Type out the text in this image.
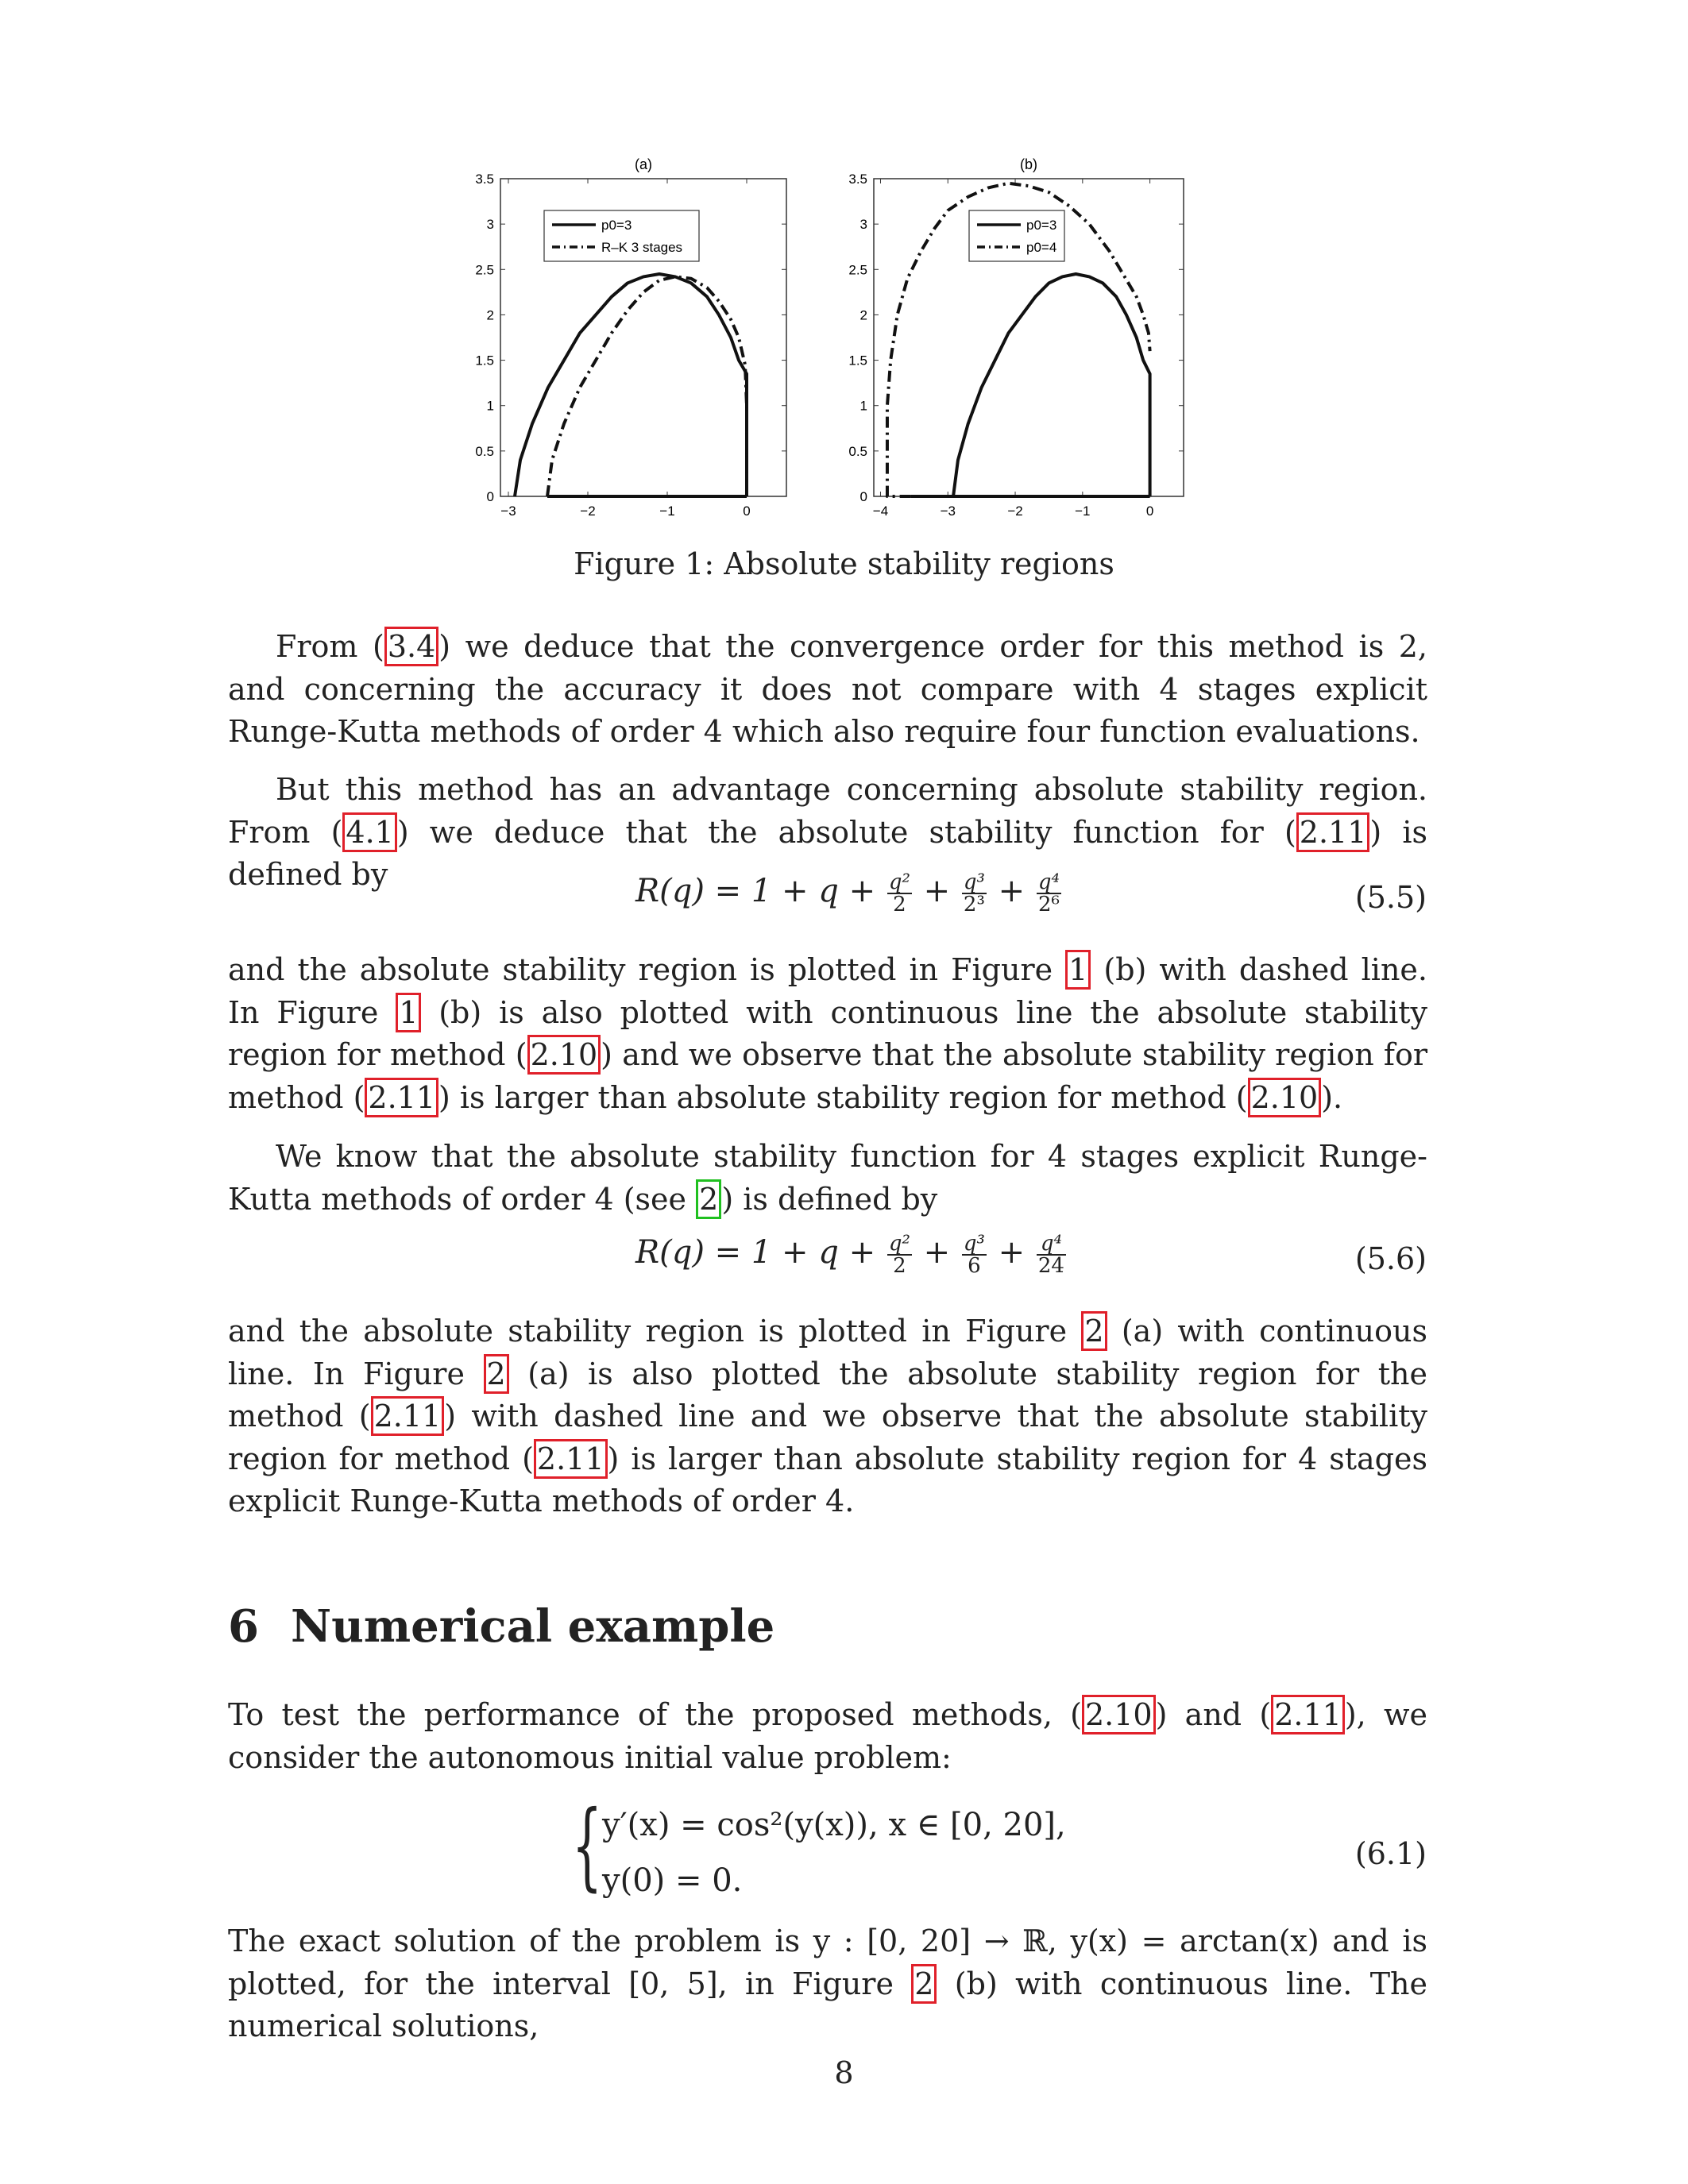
(a)
0
0.5
1
1.5
2
2.5
3
3.5
−3	−2	−1	0
p0=3
R–K 3 stages
(b)
0
0.5
1
1.5
2
2.5
3
3.5
−4	−3	−2	−1	0
p0=3
p0=4
Figure 1: Absolute stability regions
From ( 3.4 ) we deduce that the convergence order for this method is 2, and concerning the accuracy it does not compare with 4 stages explicit Runge-Kutta methods of order 4 which also require four function evaluations.
But this method has an advantage concerning absolute stability region. From ( 4.1 ) we deduce that the absolute stability function for ( 2.11 ) is defined by	$R(q) = 1 + q + \frac{\text{q²}}{2} + \frac{\text{q³}}{\text{2³}} + \frac{\text{q⁴}}{\text{2⁶}}$	(5.5)
and the absolute stability region is plotted in Figure 1 (b) with dashed line. In Figure 1 (b) is also plotted with continuous line the absolute stability region for method ( 2.10 ) and we observe that the absolute stability region for method ( 2.11 ) is larger than absolute stability region for method ( 2.10 ).
We know that the absolute stability function for 4 stages explicit Runge-Kutta methods of order 4 (see 2 ) is defined by
$R(q) = 1 + q + \frac{\text{q²}}{2} + \frac{\text{q³}}{6} + \frac{\text{q⁴}}{24}$	(5.6)
and the absolute stability region is plotted in Figure 2 (a) with continuous line. In Figure 2 (a) is also plotted the absolute stability region for the method ( 2.11 ) with dashed line and we observe that the absolute stability region for method ( 2.11 ) is larger than absolute stability region for 4 stages explicit Runge-Kutta methods of order 4.
6 Numerical example
To test the performance of the proposed methods, ( 2.10 ) and ( 2.11 ), we consider the autonomous initial value problem:
{ y′(x) = cos²(y(x)), x ∈ [0, 20],
y(0) = 0.
(6.1)
The exact solution of the problem is y : [0, 20] → ℝ, y(x) = arctan(x) and is plotted, for the interval [0, 5], in Figure 2 (b) with continuous line. The numerical solutions,
8
